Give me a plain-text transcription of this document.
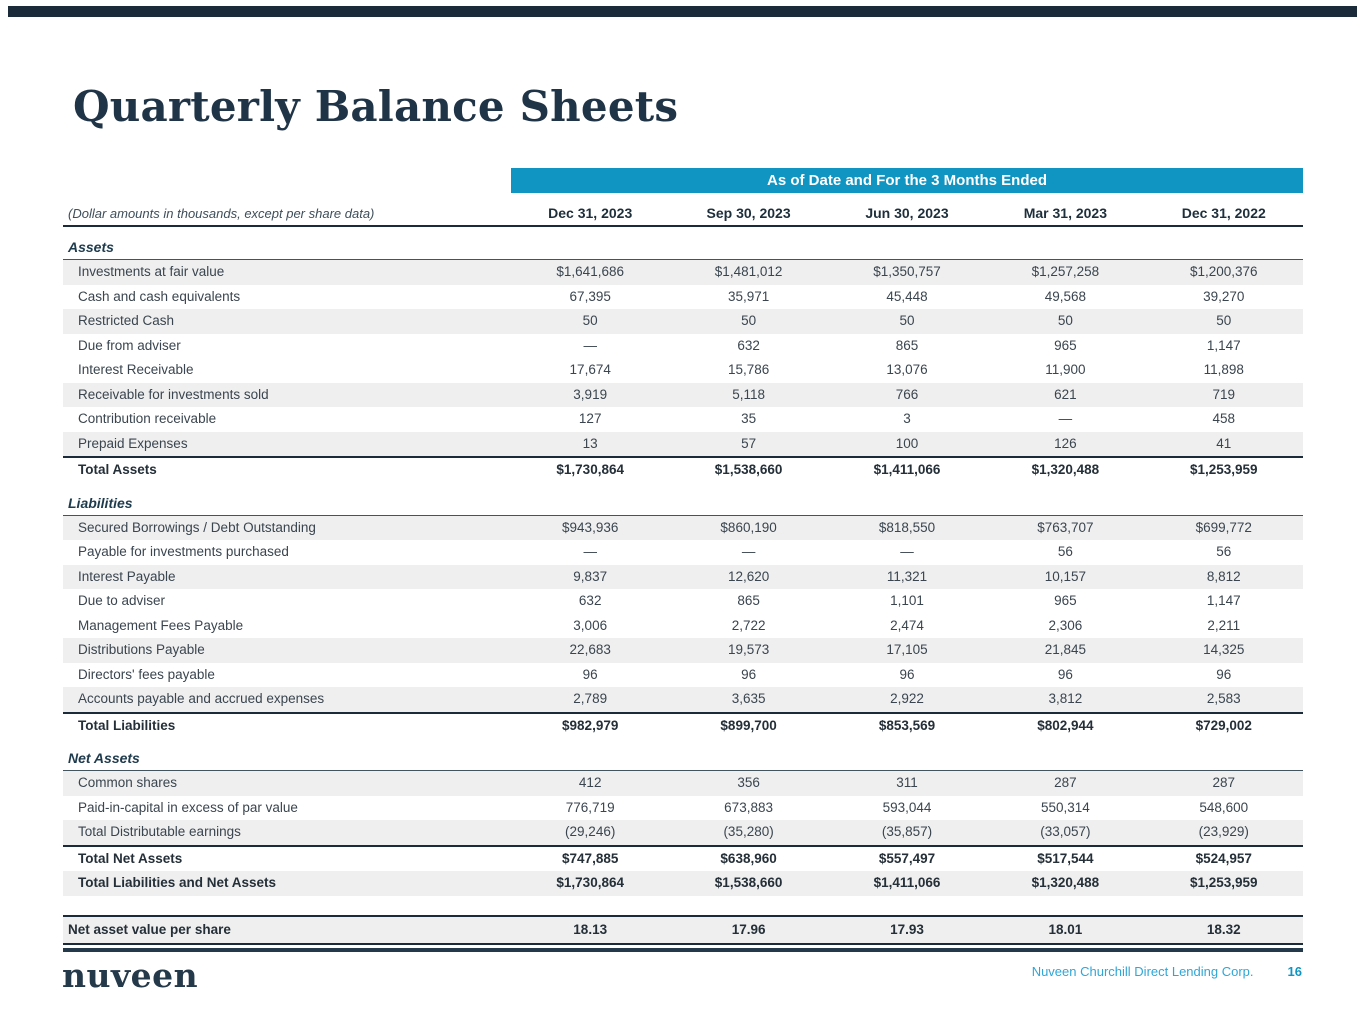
Quarterly Balance Sheets
As of Date and For the 3 Months Ended
(Dollar amounts in thousands, except per share data)	Dec 31, 2023	Sep 30, 2023	Jun 30, 2023	Mar 31, 2023	Dec 31, 2022
Assets
Investments at fair value	$1,641,686	$1,481,012	$1,350,757	$1,257,258	$1,200,376
Cash and cash equivalents	67,395	35,971	45,448	49,568	39,270
Restricted Cash	50	50	50	50	50
Due from adviser	—	632	865	965	1,147
Interest Receivable	17,674	15,786	13,076	11,900	11,898
Receivable for investments sold	3,919	5,118	766	621	719
Contribution receivable	127	35	3	—	458
Prepaid Expenses	13	57	100	126	41
Total Assets	$1,730,864	$1,538,660	$1,411,066	$1,320,488	$1,253,959
Liabilities
Secured Borrowings / Debt Outstanding	$943,936	$860,190	$818,550	$763,707	$699,772
Payable for investments purchased	—	—	—	56	56
Interest Payable	9,837	12,620	11,321	10,157	8,812
Due to adviser	632	865	1,101	965	1,147
Management Fees Payable	3,006	2,722	2,474	2,306	2,211
Distributions Payable	22,683	19,573	17,105	21,845	14,325
Directors' fees payable	96	96	96	96	96
Accounts payable and accrued expenses	2,789	3,635	2,922	3,812	2,583
Total Liabilities	$982,979	$899,700	$853,569	$802,944	$729,002
Net Assets
Common shares	412	356	311	287	287
Paid-in-capital in excess of par value	776,719	673,883	593,044	550,314	548,600
Total Distributable earnings	(29,246)	(35,280)	(35,857)	(33,057)	(23,929)
Total Net Assets	$747,885	$638,960	$557,497	$517,544	$524,957
Total Liabilities and Net Assets	$1,730,864	$1,538,660	$1,411,066	$1,320,488	$1,253,959
Net asset value per share	18.13	17.96	17.93	18.01	18.32
nuveen	Nuveen Churchill Direct Lending Corp.	16
